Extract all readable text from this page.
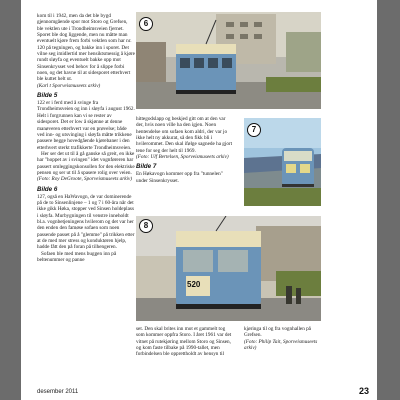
kom til i 1942, men da det ble bygd gjennomgående spor mot Storo og Grefsen, ble vektlen ute i Trondheimsveien fjernet. Sporet ble dog liggende, men nu måtte man eventuelt kjøre frem forbi vektlen som har nr. 120 på tegningen, og bakke inn i sporet. Det vilne seg imidlertid mer hensiktsmessig å kjøre rundt sløyfa og eventuelt bakke opp mot Sinsenkrysset ved behov for å slippe forbi noen, og det havne til at sidesporet etterhvert ble kuttet helt ut.

(Karl t Sporveismuseets arkiv)

Bilde 5

122 er i ferd med å svinge fra Trondheimsveien og inn i sløyfa i august 1962. Helt i forgrunnen kan vi se rester av sidesporet. Det er low å skjønne at denne manøveren etterhvert var en prøvelse; både ved inn- og utsvinging i sløyfa måtte trikkene passere begge hovedgående kjørebaner i den etterhvert sterkt trafikkerte Trondheimsveien.

Her ser det ut til å gå ganske så greit, en ikke har "hoppet av i svingen" idet vognføreren har passert omleggingskonsollen for den elektriske pensen og ser ut til å spasere rolig over veien.

(Foto: Roy DeGroote, Sporveismuseets arkiv)

Bilde 6

127, også en HaWavogn, de var dominerende på de to Sinsenlinjene – 1 og 7 i 60-åra når det ikke gikk Høka, stopper ved Sinsen holdeplass i sløyfa. Murbygningen til venstre inneholdt bl.a. vognbetjeningens hvilerom og det var her den enden den famøse sofaen som noen passende passet på å "glemme" på trikken etter at de med mer stress og konduktøren hjelp, hadde fått den på foran på tilhengeren.

Sofaen ble med mens buggen inn på beltenummer og panne

6

hittegodslapp og beskjed gitt om at den var der, hvis noen ville ha den igjen. Noen hentendelse om sofaen kom aldri, der var jo ikke helt ny akkurat, så den fikk bli i hvilerommet. Den skal ifølge sagnede ha gjort tene for seg der helt til 1969.

(Foto: Ulf Bertelsen, Sporveismuseets arkiv)

Bilde 7

En Høkavogn kommer opp fra "tunnelen" under Sinsenkrysset.

7
8
520

set. Den skal brites inn mot et gammelt tog som kommer oppfra Storo. I året 1961 var det vitnet på rutekjøring mellom Storo og Sinsen, og kom faste tilbake på 1990-tallet, men forbindelsen ble opprettholdt av hensyn til

kjøringa til og fra vognhallen på Grefsen.

(Foto: Philip Tait, Sporveismuseets arkiv)

desember 2011	23
